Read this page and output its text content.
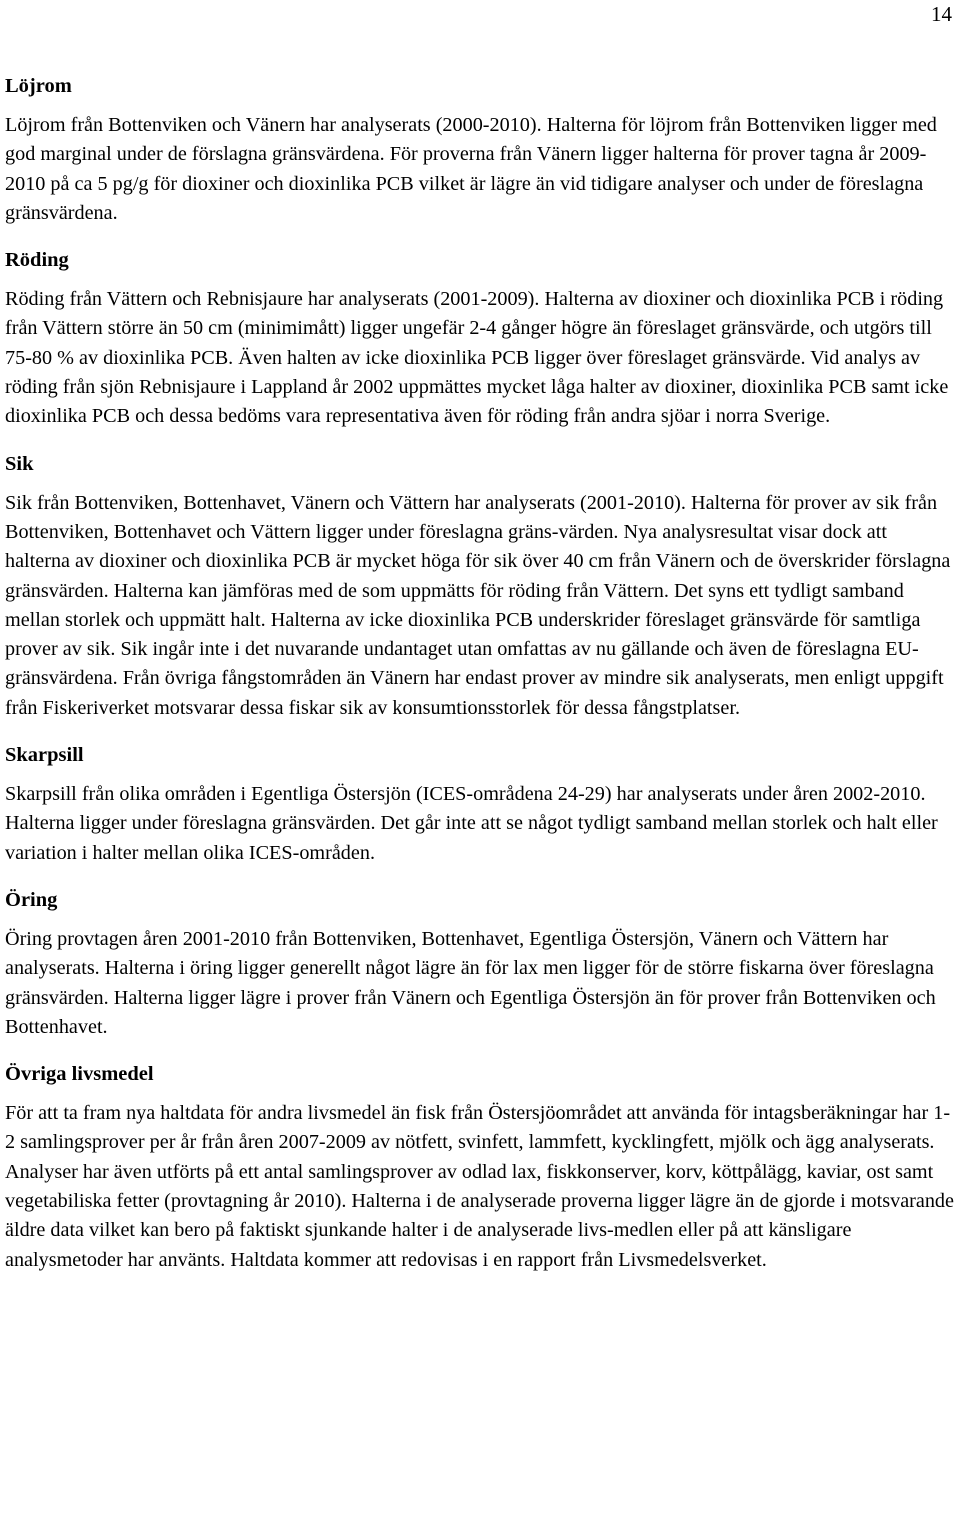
14
Löjrom

Löjrom från Bottenviken och Vänern har analyserats (2000-2010). Halterna för löjrom från Bottenviken ligger med god marginal under de förslagna gränsvärdena. För proverna från Vänern ligger halterna för prover tagna år 2009-2010 på ca 5 pg/g för dioxiner och dioxinlika PCB vilket är lägre än vid tidigare analyser och under de föreslagna gränsvärdena.

Röding

Röding från Vättern och Rebnisjaure har analyserats (2001-2009). Halterna av dioxiner och dioxinlika PCB i röding från Vättern större än 50 cm (minimimått) ligger ungefär 2-4 gånger högre än föreslaget gränsvärde, och utgörs till 75-80 % av dioxinlika PCB. Även halten av icke dioxinlika PCB ligger över föreslaget gränsvärde. Vid analys av röding från sjön Rebnisjaure i Lappland år 2002 uppmättes mycket låga halter av dioxiner, dioxinlika PCB samt icke dioxinlika PCB och dessa bedöms vara representativa även för röding från andra sjöar i norra Sverige.

Sik

Sik från Bottenviken, Bottenhavet, Vänern och Vättern har analyserats (2001-2010). Halterna för prover av sik från Bottenviken, Bottenhavet och Vättern ligger under föreslagna gräns-värden. Nya analysresultat visar dock att halterna av dioxiner och dioxinlika PCB är mycket höga för sik över 40 cm från Vänern och de överskrider förslagna gränsvärden. Halterna kan jämföras med de som uppmätts för röding från Vättern. Det syns ett tydligt samband mellan storlek och uppmätt halt. Halterna av icke dioxinlika PCB underskrider föreslaget gränsvärde för samtliga prover av sik. Sik ingår inte i det nuvarande undantaget utan omfattas av nu gällande och även de föreslagna EU-gränsvärdena. Från övriga fångstområden än Vänern har endast prover av mindre sik analyserats, men enligt uppgift från Fiskeriverket motsvarar dessa fiskar sik av konsumtionsstorlek för dessa fångstplatser.

Skarpsill

Skarpsill från olika områden i Egentliga Östersjön (ICES-områdena 24-29) har analyserats under åren 2002-2010. Halterna ligger under föreslagna gränsvärden. Det går inte att se något tydligt samband mellan storlek och halt eller variation i halter mellan olika ICES-områden.

Öring

Öring provtagen åren 2001-2010 från Bottenviken, Bottenhavet, Egentliga Östersjön, Vänern och Vättern har analyserats. Halterna i öring ligger generellt något lägre än för lax men ligger för de större fiskarna över föreslagna gränsvärden. Halterna ligger lägre i prover från Vänern och Egentliga Östersjön än för prover från Bottenviken och Bottenhavet.

Övriga livsmedel

För att ta fram nya haltdata för andra livsmedel än fisk från Östersjöområdet att använda för intagsberäkningar har 1-2 samlingsprover per år från åren 2007-2009 av nötfett, svinfett, lammfett, kycklingfett, mjölk och ägg analyserats. Analyser har även utförts på ett antal samlingsprover av odlad lax, fiskkonserver, korv, köttpålägg, kaviar, ost samt vegetabiliska fetter (provtagning år 2010). Halterna i de analyserade proverna ligger lägre än de gjorde i motsvarande äldre data vilket kan bero på faktiskt sjunkande halter i de analyserade livs-medlen eller på att känsligare analysmetoder har använts. Haltdata kommer att redovisas i en rapport från Livsmedelsverket.
